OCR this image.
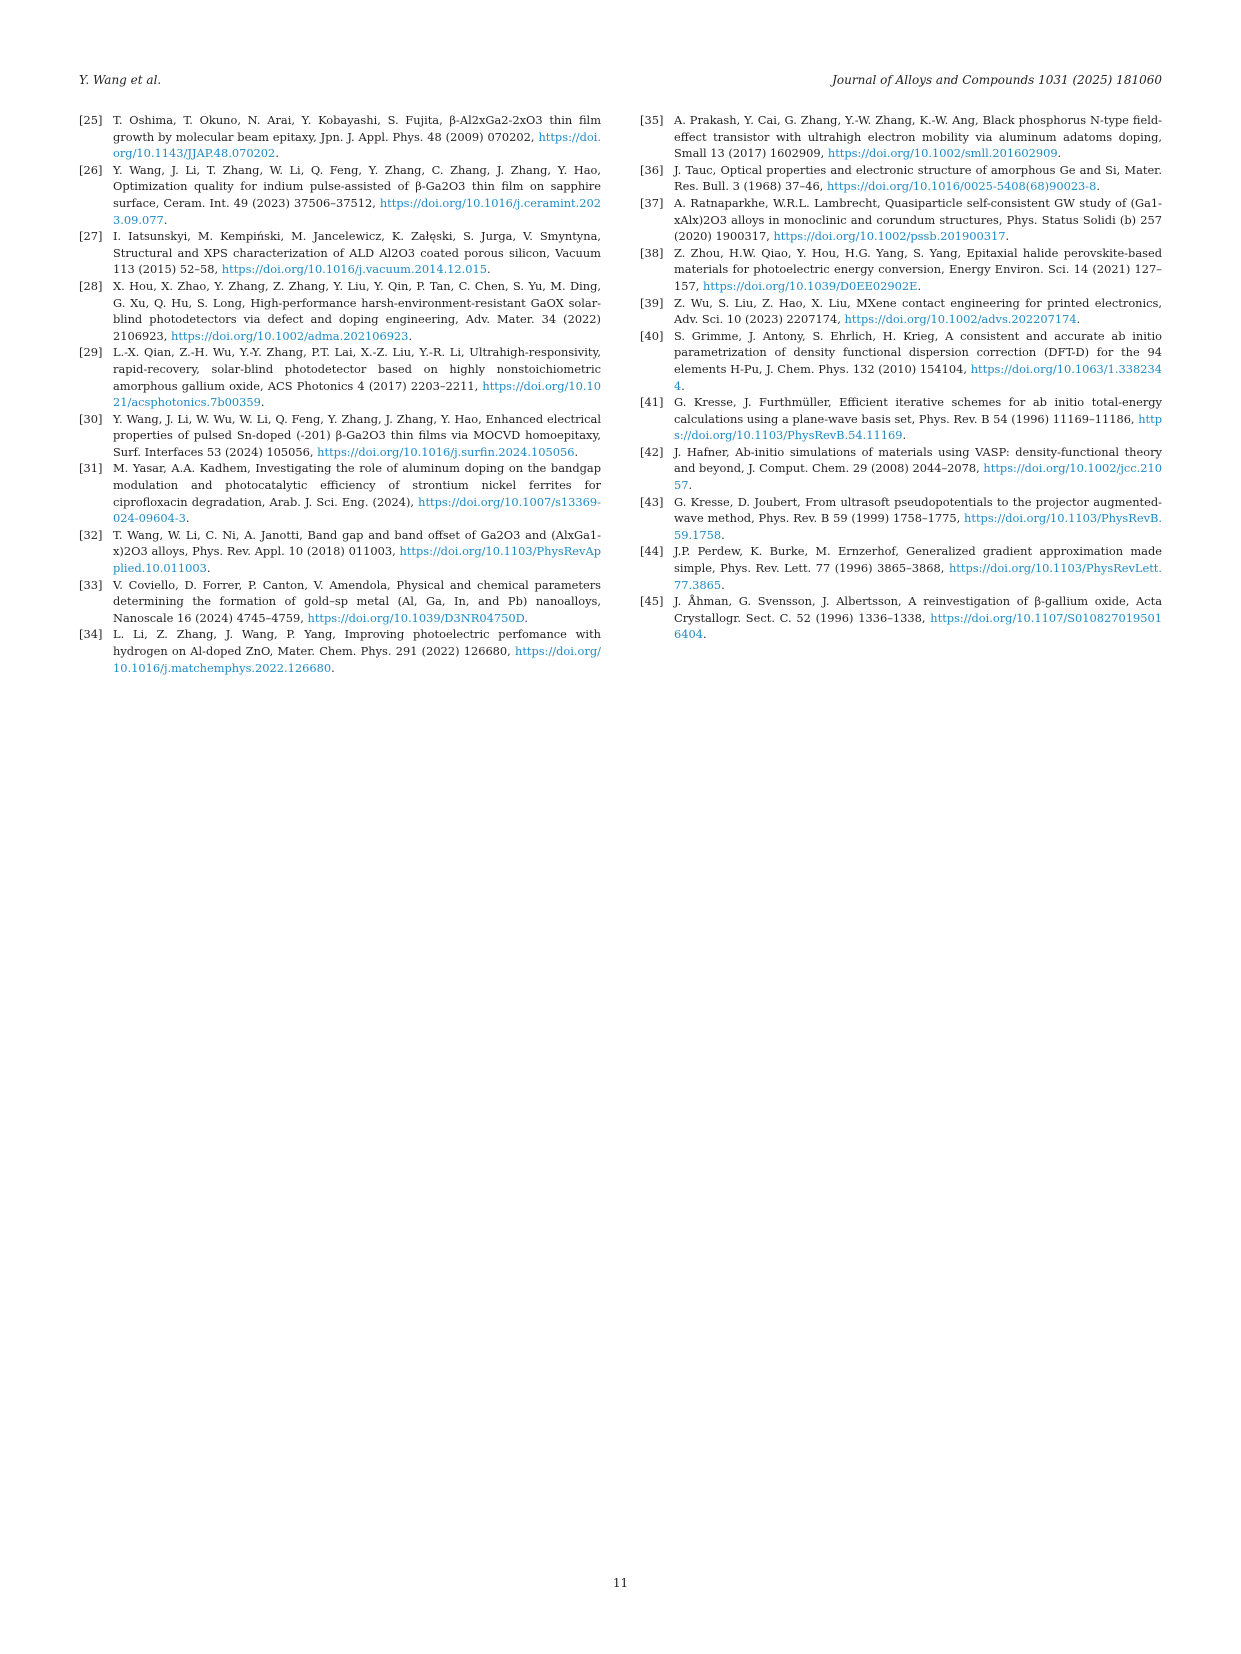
Y. Wang et al.	Journal of Alloys and Compounds 1031 (2025) 181060
[25] T. Oshima, T. Okuno, N. Arai, Y. Kobayashi, S. Fujita, β-Al2xGa2-2xO3 thin film growth by molecular beam epitaxy, Jpn. J. Appl. Phys. 48 (2009) 070202, https://doi.org/10.1143/JJAP.48.070202.
[26] Y. Wang, J. Li, T. Zhang, W. Li, Q. Feng, Y. Zhang, C. Zhang, J. Zhang, Y. Hao, Optimization quality for indium pulse-assisted of β-Ga2O3 thin film on sapphire surface, Ceram. Int. 49 (2023) 37506–37512, https://doi.org/10.1016/j.ceramint.2023.09.077.
[27] I. Iatsunskyi, M. Kempiński, M. Jancelewicz, K. Załęski, S. Jurga, V. Smyntyna, Structural and XPS characterization of ALD Al2O3 coated porous silicon, Vacuum 113 (2015) 52–58, https://doi.org/10.1016/j.vacuum.2014.12.015.
[28] X. Hou, X. Zhao, Y. Zhang, Z. Zhang, Y. Liu, Y. Qin, P. Tan, C. Chen, S. Yu, M. Ding, G. Xu, Q. Hu, S. Long, High-performance harsh-environment-resistant GaOX solar-blind photodetectors via defect and doping engineering, Adv. Mater. 34 (2022) 2106923, https://doi.org/10.1002/adma.202106923.
[29] L.-X. Qian, Z.-H. Wu, Y.-Y. Zhang, P.T. Lai, X.-Z. Liu, Y.-R. Li, Ultrahigh-responsivity, rapid-recovery, solar-blind photodetector based on highly nonstoichiometric amorphous gallium oxide, ACS Photonics 4 (2017) 2203–2211, https://doi.org/10.1021/acsphotonics.7b00359.
[30] Y. Wang, J. Li, W. Wu, W. Li, Q. Feng, Y. Zhang, J. Zhang, Y. Hao, Enhanced electrical properties of pulsed Sn-doped (-201) β-Ga2O3 thin films via MOCVD homoepitaxy, Surf. Interfaces 53 (2024) 105056, https://doi.org/10.1016/j.surfin.2024.105056.
[31] M. Yasar, A.A. Kadhem, Investigating the role of aluminum doping on the bandgap modulation and photocatalytic efficiency of strontium nickel ferrites for ciprofloxacin degradation, Arab. J. Sci. Eng. (2024), https://doi.org/10.1007/s13369-024-09604-3.
[32] T. Wang, W. Li, C. Ni, A. Janotti, Band gap and band offset of Ga2O3 and (AlxGa1-x)2O3 alloys, Phys. Rev. Appl. 10 (2018) 011003, https://doi.org/10.1103/PhysRevApplied.10.011003.
[33] V. Coviello, D. Forrer, P. Canton, V. Amendola, Physical and chemical parameters determining the formation of gold–sp metal (Al, Ga, In, and Pb) nanoalloys, Nanoscale 16 (2024) 4745–4759, https://doi.org/10.1039/D3NR04750D.
[34] L. Li, Z. Zhang, J. Wang, P. Yang, Improving photoelectric perfomance with hydrogen on Al-doped ZnO, Mater. Chem. Phys. 291 (2022) 126680, https://doi.org/10.1016/j.matchemphys.2022.126680.
[35] A. Prakash, Y. Cai, G. Zhang, Y.-W. Zhang, K.-W. Ang, Black phosphorus N-type field-effect transistor with ultrahigh electron mobility via aluminum adatoms doping, Small 13 (2017) 1602909, https://doi.org/10.1002/smll.201602909.
[36] J. Tauc, Optical properties and electronic structure of amorphous Ge and Si, Mater. Res. Bull. 3 (1968) 37–46, https://doi.org/10.1016/0025-5408(68)90023-8.
[37] A. Ratnaparkhe, W.R.L. Lambrecht, Quasiparticle self-consistent GW study of (Ga1-xAlx)2O3 alloys in monoclinic and corundum structures, Phys. Status Solidi (b) 257 (2020) 1900317, https://doi.org/10.1002/pssb.201900317.
[38] Z. Zhou, H.W. Qiao, Y. Hou, H.G. Yang, S. Yang, Epitaxial halide perovskite-based materials for photoelectric energy conversion, Energy Environ. Sci. 14 (2021) 127–157, https://doi.org/10.1039/D0EE02902E.
[39] Z. Wu, S. Liu, Z. Hao, X. Liu, MXene contact engineering for printed electronics, Adv. Sci. 10 (2023) 2207174, https://doi.org/10.1002/advs.202207174.
[40] S. Grimme, J. Antony, S. Ehrlich, H. Krieg, A consistent and accurate ab initio parametrization of density functional dispersion correction (DFT-D) for the 94 elements H-Pu, J. Chem. Phys. 132 (2010) 154104, https://doi.org/10.1063/1.3382344.
[41] G. Kresse, J. Furthmüller, Efficient iterative schemes for ab initio total-energy calculations using a plane-wave basis set, Phys. Rev. B 54 (1996) 11169–11186, https://doi.org/10.1103/PhysRevB.54.11169.
[42] J. Hafner, Ab-initio simulations of materials using VASP: density-functional theory and beyond, J. Comput. Chem. 29 (2008) 2044–2078, https://doi.org/10.1002/jcc.21057.
[43] G. Kresse, D. Joubert, From ultrasoft pseudopotentials to the projector augmented-wave method, Phys. Rev. B 59 (1999) 1758–1775, https://doi.org/10.1103/PhysRevB.59.1758.
[44] J.P. Perdew, K. Burke, M. Ernzerhof, Generalized gradient approximation made simple, Phys. Rev. Lett. 77 (1996) 3865–3868, https://doi.org/10.1103/PhysRevLett.77.3865.
[45] J. Åhman, G. Svensson, J. Albertsson, A reinvestigation of β-gallium oxide, Acta Crystallogr. Sect. C. 52 (1996) 1336–1338, https://doi.org/10.1107/S0108270195016404.
11
